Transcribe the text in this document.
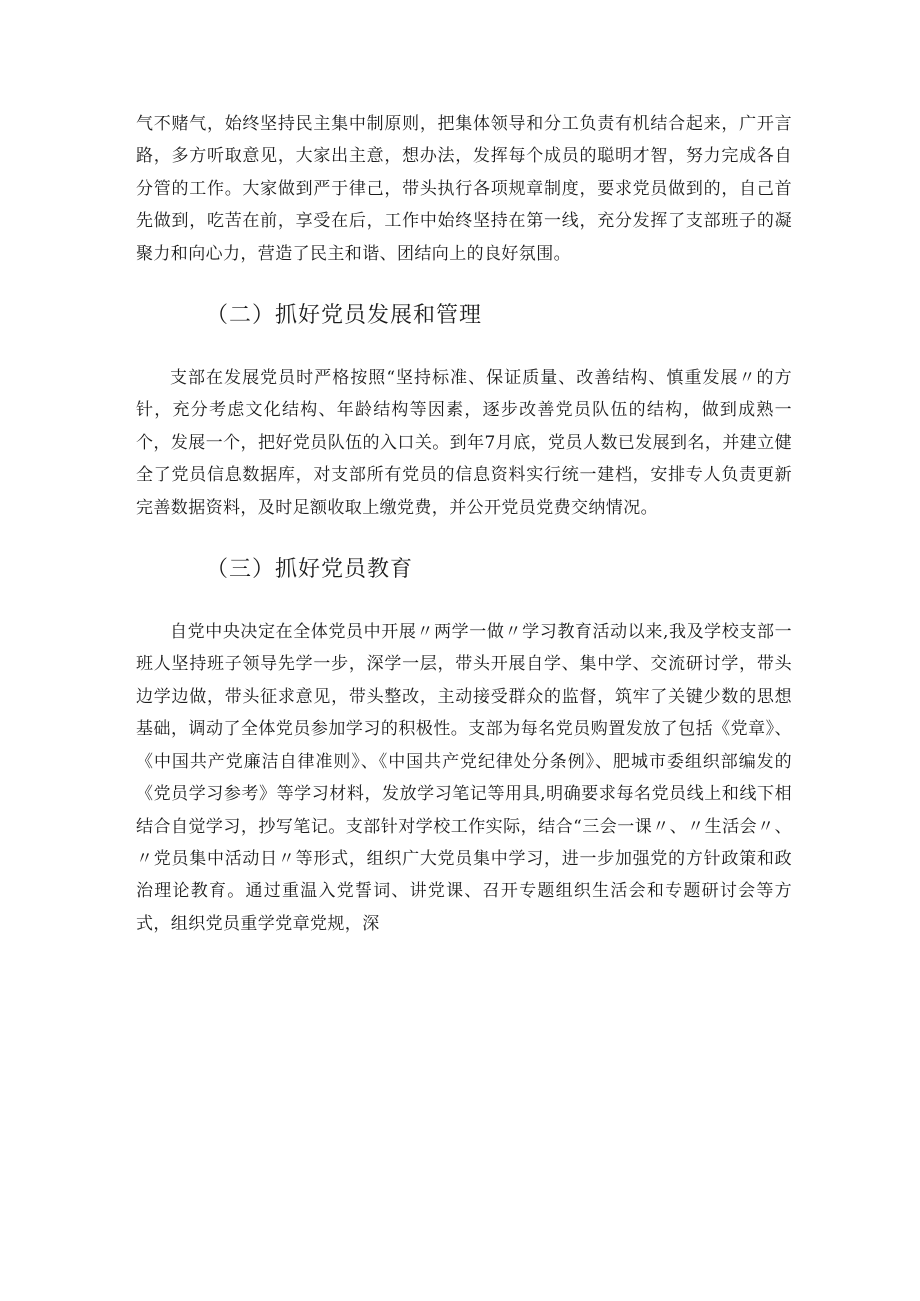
气不赌气，始终坚持民主集中制原则，把集体领导和分工负责有机结合起来，广开言路，多方听取意见，大家出主意，想办法，发挥每个成员的聪明才智，努力完成各自分管的工作。大家做到严于律己，带头执行各项规章制度，要求党员做到的，自己首先做到，吃苦在前，享受在后，工作中始终坚持在第一线，充分发挥了支部班子的凝聚力和向心力，营造了民主和谐、团结向上的良好氛围。

（二）抓好党员发展和管理

支部在发展党员时严格按照“坚持标准、保证质量、改善结构、慎重发展〃的方针，充分考虑文化结构、年龄结构等因素，逐步改善党员队伍的结构，做到成熟一个，发展一个，把好党员队伍的入口关。到年7月底，党员人数已发展到名，并建立健全了党员信息数据库，对支部所有党员的信息资料实行统一建档，安排专人负责更新完善数据资料，及时足额收取上缴党费，并公开党员党费交纳情况。

（三）抓好党员教育

自党中央决定在全体党员中开展〃两学一做〃学习教育活动以来,我及学校支部一班人坚持班子领导先学一步，深学一层，带头开展自学、集中学、交流研讨学，带头边学边做，带头征求意见，带头整改，主动接受群众的监督，筑牢了关键少数的思想基础，调动了全体党员参加学习的积极性。支部为每名党员购置发放了包括《党章》、《中国共产党廉洁自律准则》、《中国共产党纪律处分条例》、肥城市委组织部编发的《党员学习参考》等学习材料，发放学习笔记等用具,明确要求每名党员线上和线下相结合自觉学习，抄写笔记。支部针对学校工作实际，结合“三会一课〃、〃生活会〃、〃党员集中活动日〃等形式，组织广大党员集中学习，进一步加强党的方针政策和政治理论教育。通过重温入党誓词、讲党课、召开专题组织生活会和专题研讨会等方式，组织党员重学党章党规，深
